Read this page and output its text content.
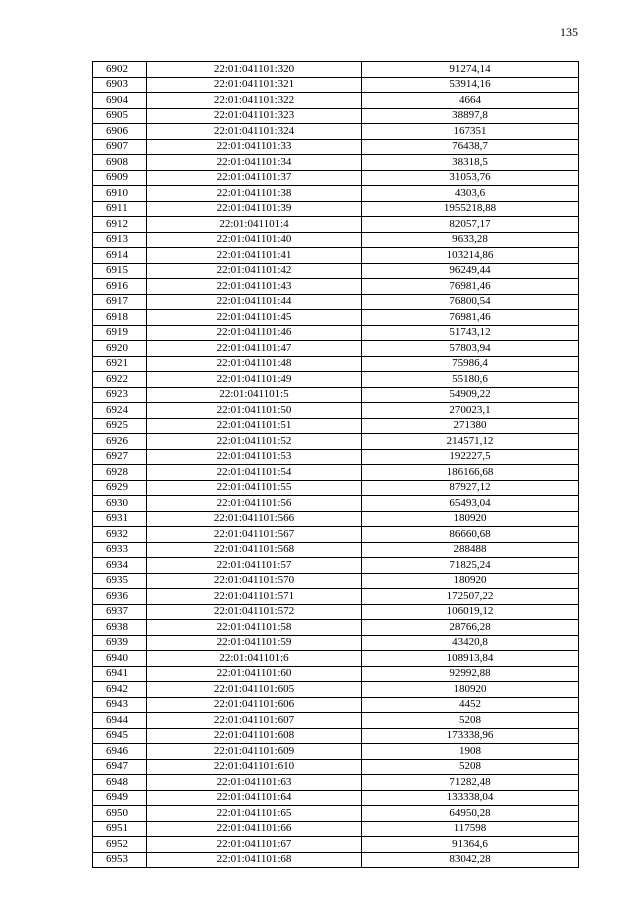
135
6902	22:01:041101:320	91274,14
6903	22:01:041101:321	53914,16
6904	22:01:041101:322	4664
6905	22:01:041101:323	38897,8
6906	22:01:041101:324	167351
6907	22:01:041101:33	76438,7
6908	22:01:041101:34	38318,5
6909	22:01:041101:37	31053,76
6910	22:01:041101:38	4303,6
6911	22:01:041101:39	1955218,88
6912	22:01:041101:4	82057,17
6913	22:01:041101:40	9633,28
6914	22:01:041101:41	103214,86
6915	22:01:041101:42	96249,44
6916	22:01:041101:43	76981,46
6917	22:01:041101:44	76800,54
6918	22:01:041101:45	76981,46
6919	22:01:041101:46	51743,12
6920	22:01:041101:47	57803,94
6921	22:01:041101:48	75986,4
6922	22:01:041101:49	55180,6
6923	22:01:041101:5	54909,22
6924	22:01:041101:50	270023,1
6925	22:01:041101:51	271380
6926	22:01:041101:52	214571,12
6927	22:01:041101:53	192227,5
6928	22:01:041101:54	186166,68
6929	22:01:041101:55	87927,12
6930	22:01:041101:56	65493,04
6931	22:01:041101:566	180920
6932	22:01:041101:567	86660,68
6933	22:01:041101:568	288488
6934	22:01:041101:57	71825,24
6935	22:01:041101:570	180920
6936	22:01:041101:571	172507,22
6937	22:01:041101:572	106019,12
6938	22:01:041101:58	28766,28
6939	22:01:041101:59	43420,8
6940	22:01:041101:6	108913,84
6941	22:01:041101:60	92992,88
6942	22:01:041101:605	180920
6943	22:01:041101:606	4452
6944	22:01:041101:607	5208
6945	22:01:041101:608	173338,96
6946	22:01:041101:609	1908
6947	22:01:041101:610	5208
6948	22:01:041101:63	71282,48
6949	22:01:041101:64	133338,04
6950	22:01:041101:65	64950,28
6951	22:01:041101:66	117598
6952	22:01:041101:67	91364,6
6953	22:01:041101:68	83042,28
